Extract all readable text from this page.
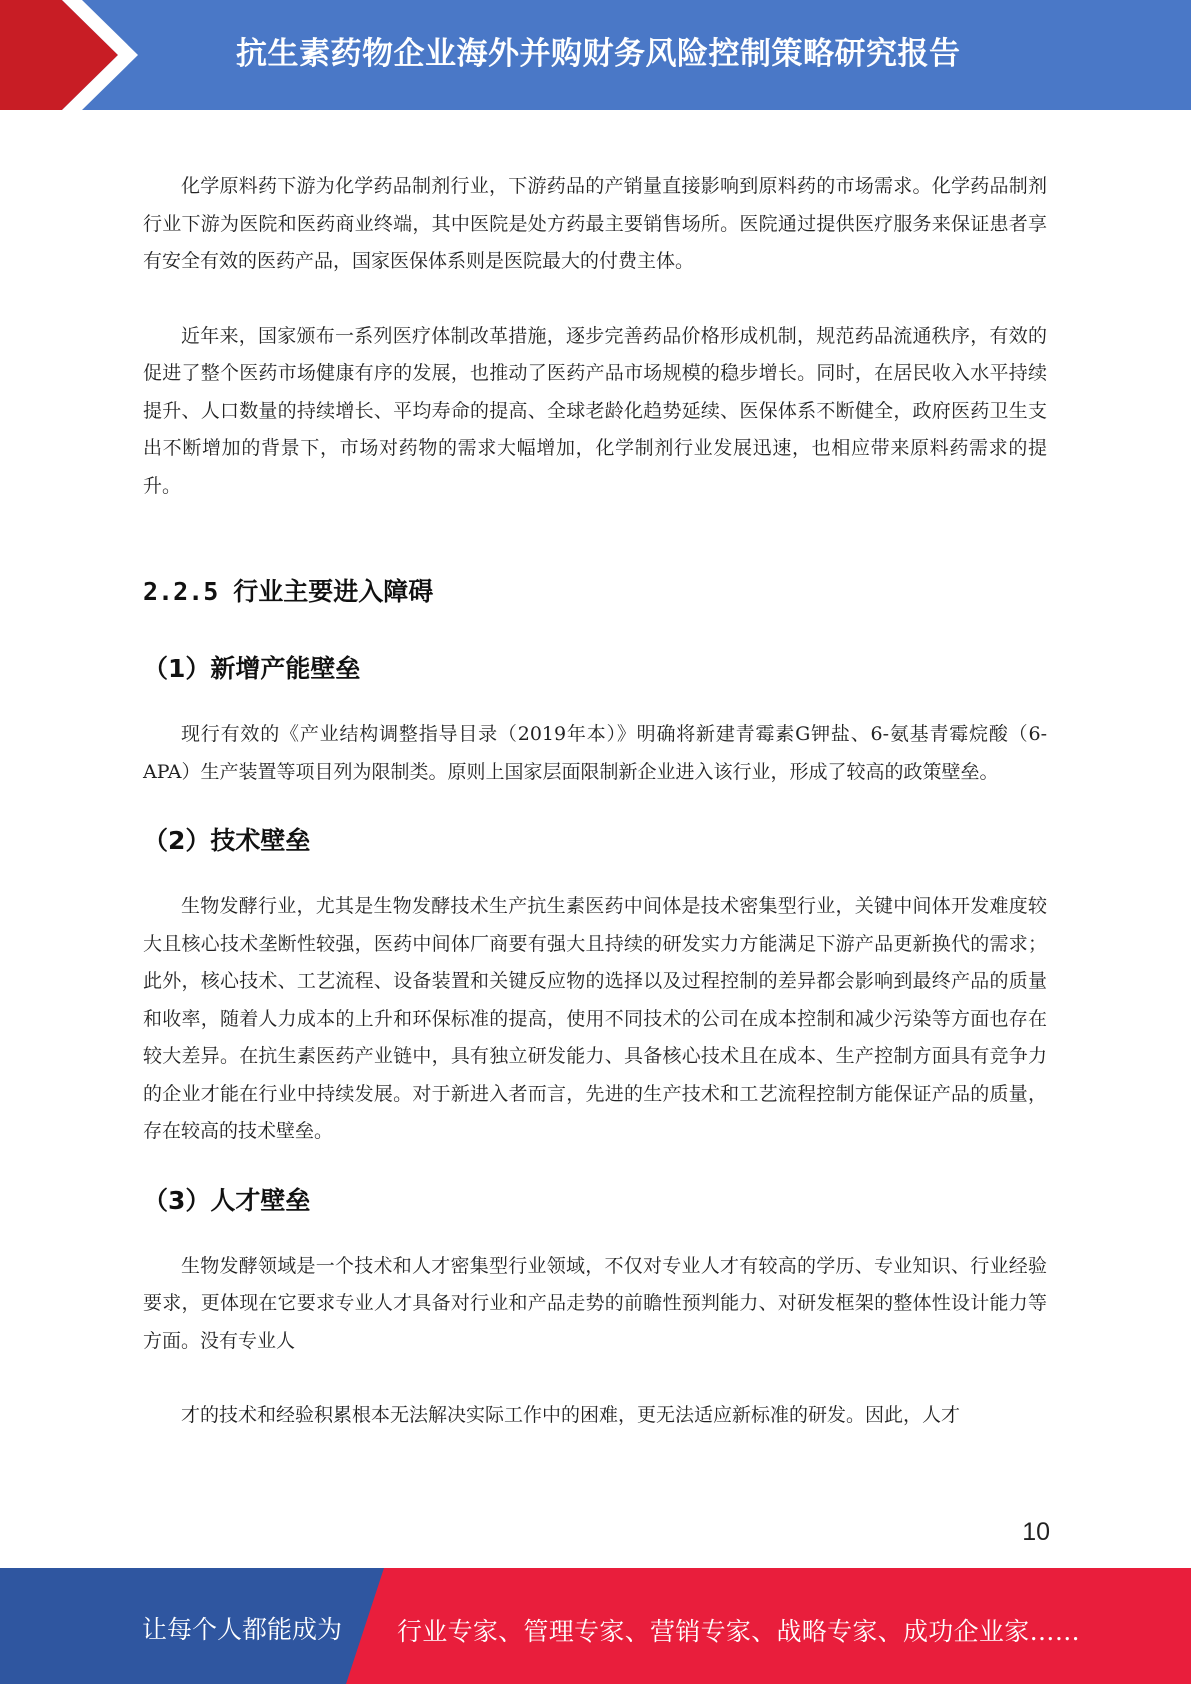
抗生素药物企业海外并购财务风险控制策略研究报告

化学原料药下游为化学药品制剂行业，下游药品的产销量直接影响到原料药的市场需求。化学药品制剂行业下游为医院和医药商业终端，其中医院是处方药最主要销售场所。医院通过提供医疗服务来保证患者享有安全有效的医药产品，国家医保体系则是医院最大的付费主体。

近年来，国家颁布一系列医疗体制改革措施，逐步完善药品价格形成机制，规范药品流通秩序，有效的促进了整个医药市场健康有序的发展，也推动了医药产品市场规模的稳步增长。同时，在居民收入水平持续提升、人口数量的持续增长、平均寿命的提高、全球老龄化趋势延续、医保体系不断健全，政府医药卫生支出不断增加的背景下，市场对药物的需求大幅增加，化学制剂行业发展迅速，也相应带来原料药需求的提升。

2.2.5 行业主要进入障碍
（1）新增产能壁垒

现行有效的《产业结构调整指导目录（2019年本）》明确将新建青霉素G钾盐、6-氨基青霉烷酸（6-APA）生产装置等项目列为限制类。原则上国家层面限制新企业进入该行业，形成了较高的政策壁垒。

（2）技术壁垒

生物发酵行业，尤其是生物发酵技术生产抗生素医药中间体是技术密集型行业，关键中间体开发难度较大且核心技术垄断性较强，医药中间体厂商要有强大且持续的研发实力方能满足下游产品更新换代的需求；此外，核心技术、工艺流程、设备装置和关键反应物的选择以及过程控制的差异都会影响到最终产品的质量和收率，随着人力成本的上升和环保标准的提高，使用不同技术的公司在成本控制和减少污染等方面也存在较大差异。在抗生素医药产业链中，具有独立研发能力、具备核心技术且在成本、生产控制方面具有竞争力的企业才能在行业中持续发展。对于新进入者而言，先进的生产技术和工艺流程控制方能保证产品的质量，存在较高的技术壁垒。

（3）人才壁垒

生物发酵领域是一个技术和人才密集型行业领域，不仅对专业人才有较高的学历、专业知识、行业经验要求，更体现在它要求专业人才具备对行业和产品走势的前瞻性预判能力、对研发框架的整体性设计能力等方面。没有专业人

才的技术和经验积累根本无法解决实际工作中的困难，更无法适应新标准的研发。因此，人才

10
让每个人都能成为 行业专家、管理专家、营销专家、战略专家、成功企业家……
